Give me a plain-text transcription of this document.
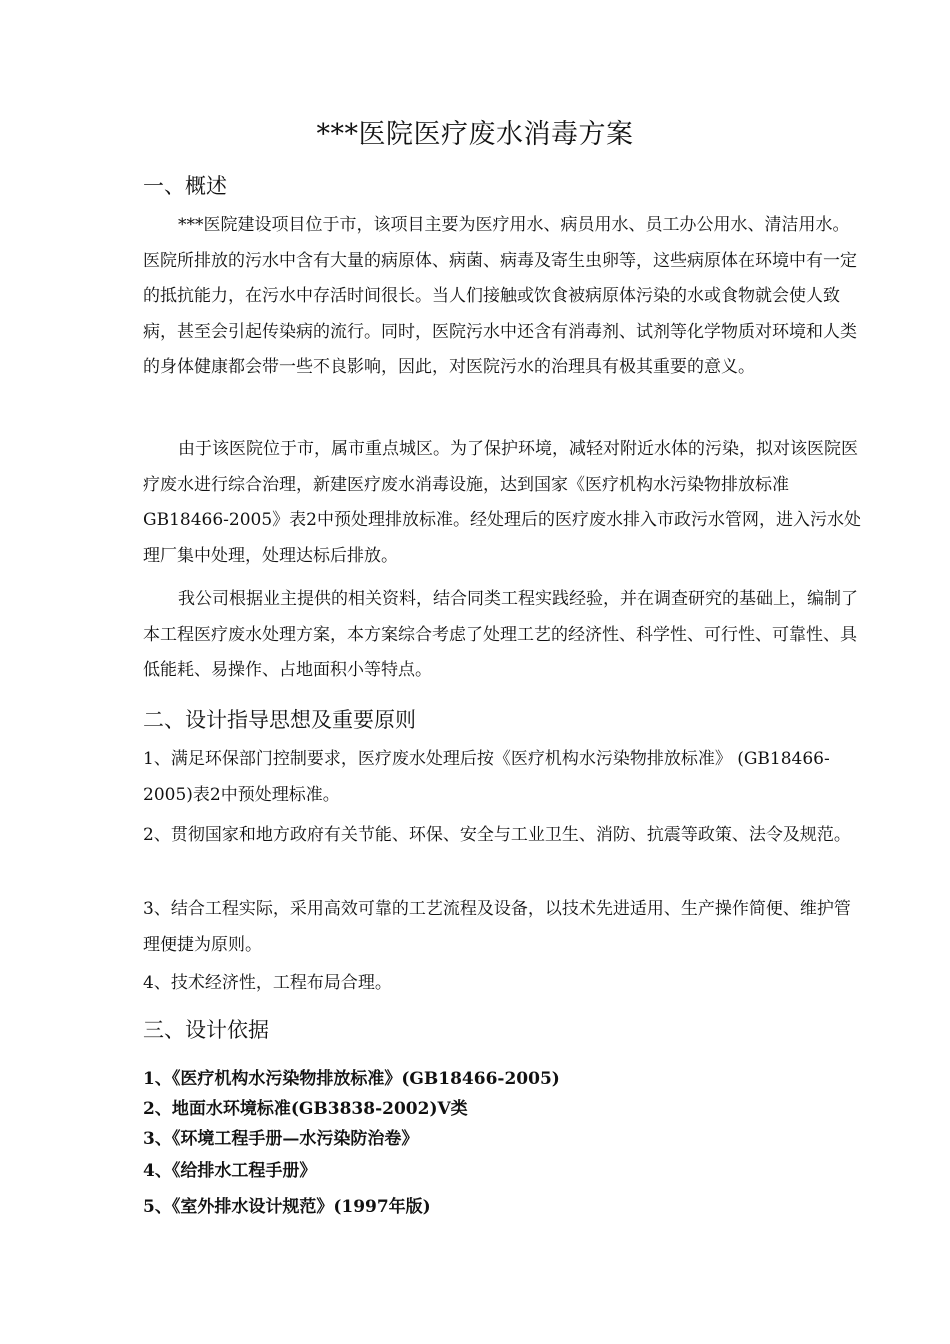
***医院医疗废水消毒方案
一、概述
***医院建设项目位于市，该项目主要为医疗用水、病员用水、员工办公用水、清洁用水。医院所排放的污水中含有大量的病原体、病菌、病毒及寄生虫卵等，这些病原体在环境中有一定的抵抗能力，在污水中存活时间很长。当人们接触或饮食被病原体污染的水或食物就会使人致病，甚至会引起传染病的流行。同时，医院污水中还含有消毒剂、试剂等化学物质对环境和人类的身体健康都会带一些不良影响，因此，对医院污水的治理具有极其重要的意义。
由于该医院位于市，属市重点城区。为了保护环境，减轻对附近水体的污染，拟对该医院医疗废水进行综合治理，新建医疗废水消毒设施，达到国家《医疗机构水污染物排放标准GB18466-2005》表2中预处理排放标准。经处理后的医疗废水排入市政污水管网，进入污水处理厂集中处理，处理达标后排放。
我公司根据业主提供的相关资料，结合同类工程实践经验，并在调查研究的基础上，编制了本工程医疗废水处理方案，本方案综合考虑了处理工艺的经济性、科学性、可行性、可靠性、具低能耗、易操作、占地面积小等特点。
二、设计指导思想及重要原则
1、满足环保部门控制要求，医疗废水处理后按《医疗机构水污染物排放标准》 (GB18466-2005)表2中预处理标准。
2、贯彻国家和地方政府有关节能、环保、安全与工业卫生、消防、抗震等政策、法令及规范。
3、结合工程实际，采用高效可靠的工艺流程及设备，以技术先进适用、生产操作简便、维护管理便捷为原则。
4、技术经济性，工程布局合理。
三、设计依据
1、《医疗机构水污染物排放标准》(GB18466-2005)
2、地面水环境标准(GB3838-2002)V类
3、《环境工程手册—水污染防治卷》
4、《给排水工程手册》
5、《室外排水设计规范》(1997年版)
